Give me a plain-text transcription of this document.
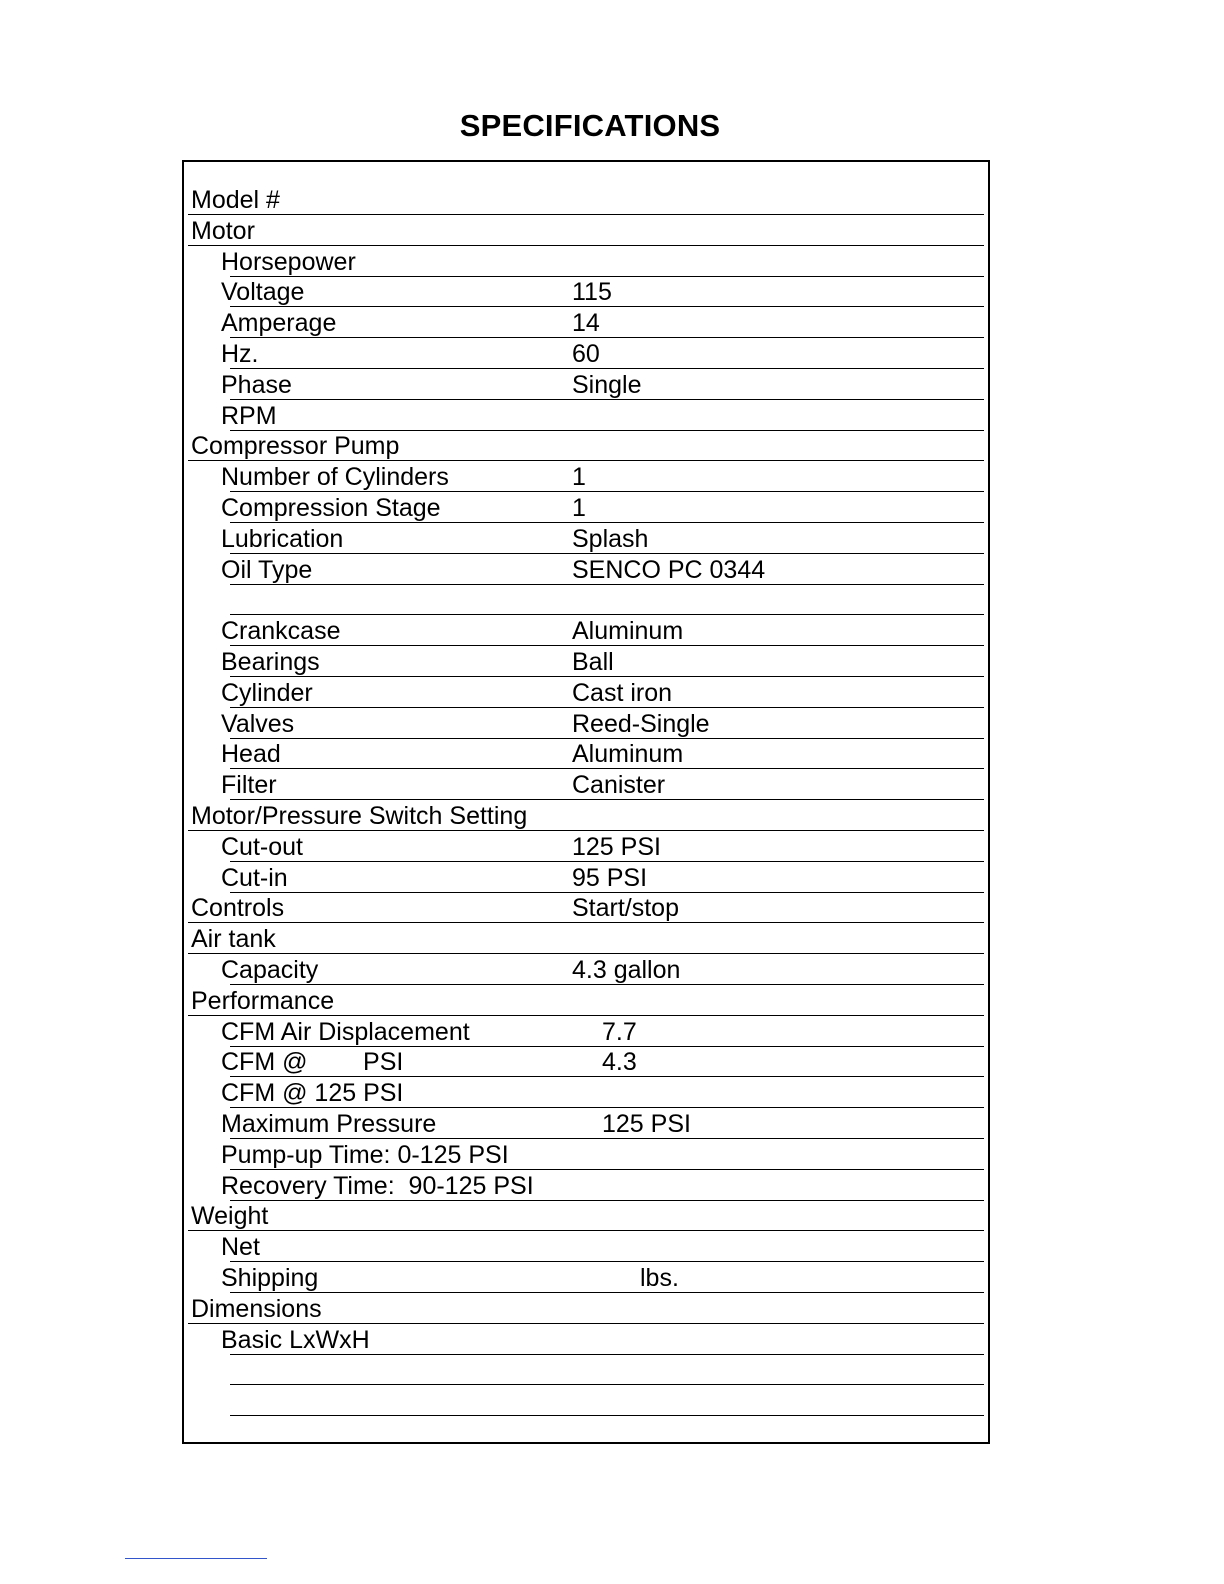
SPECIFICATIONS
Model #
Motor
Horsepower
Voltage	115
Amperage	14
Hz.	60
Phase	Single
RPM
Compressor Pump
Number of Cylinders	1
Compression Stage	1
Lubrication	Splash
Oil Type	SENCO PC 0344
Crankcase	Aluminum
Bearings	Ball
Cylinder	Cast iron
Valves	Reed-Single
Head	Aluminum
Filter	Canister
Motor/Pressure Switch Setting
Cut-out	125 PSI
Cut-in	95 PSI
Controls	Start/stop
Air tank
Capacity	4.3 gallon
Performance
CFM Air Displacement	7.7
CFM @        PSI	4.3
CFM @ 125 PSI
Maximum Pressure	125 PSI
Pump-up Time: 0-125 PSI
Recovery Time:  90-125 PSI
Weight
Net
Shipping	lbs.
Dimensions
Basic LxWxH
